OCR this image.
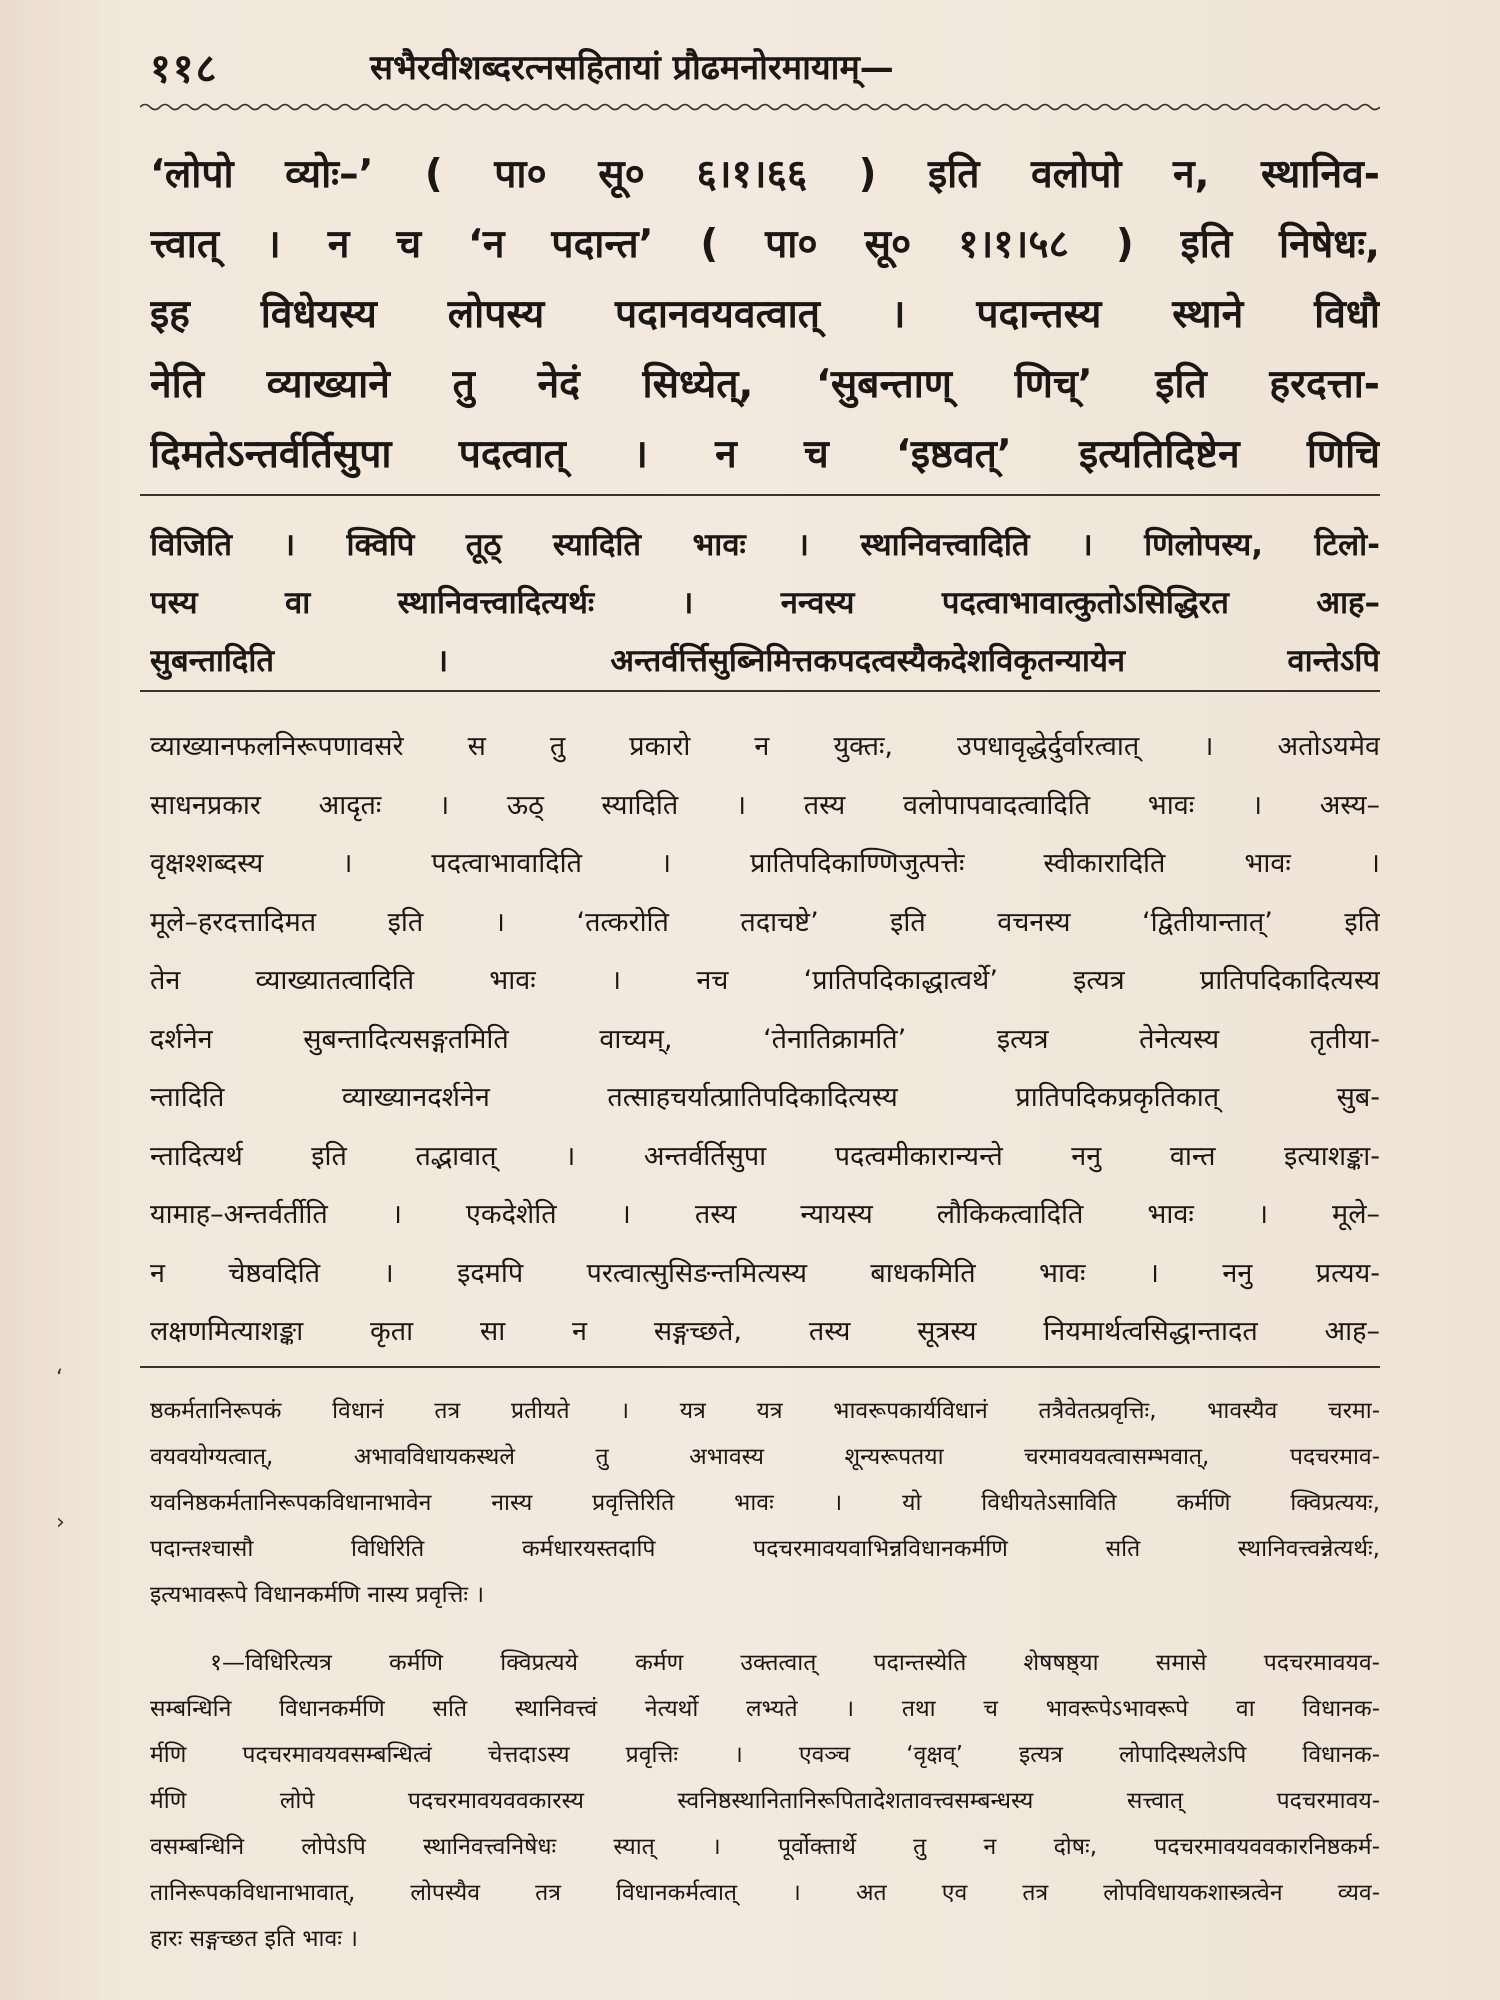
११८	सभैरवीशब्दरत्नसहितायां प्रौढमनोरमायाम्—
‘लोपो व्योः–’ ( पा० सू० ६।१।६६ ) इति वलोपो न, स्थानिव-
त्त्वात् । न च ‘न पदान्त’ ( पा० सू० १।१।५८ ) इति निषेधः,
इह विधेयस्य लोपस्य पदानवयवत्वात् । पदान्तस्य स्थाने विधौ
नेति व्याख्याने तु नेदं सिध्येत्, ‘सुबन्ताण् णिच्’ इति हरदत्ता-
दिमतेऽन्तर्वर्तिसुपा पदत्वात् । न च ‘इष्ठवत्’ इत्यतिदिष्टेन णिचि
विजिति । क्विपि तूठ् स्यादिति भावः । स्थानिवत्त्वादिति । णिलोपस्य, टिलो-
पस्य वा स्थानिवत्त्वादित्यर्थः । नन्वस्य पदत्वाभावात्कुतोऽसिद्धिरत आह–
सुबन्तादिति । अन्तर्वर्त्तिसुब्निमित्तकपदत्वस्यैकदेशविकृतन्यायेन वान्तेऽपि
व्याख्यानफलनिरूपणावसरे स तु प्रकारो न युक्तः, उपधावृद्धेर्दुर्वारत्वात् । अतोऽयमेव
साधनप्रकार आदृतः । ऊठ् स्यादिति । तस्य वलोपापवादत्वादिति भावः । अस्य–
वृक्षश्शब्दस्य । पदत्वाभावादिति । प्रातिपदिकाण्णिजुत्पत्तेः स्वीकारादिति भावः ।
मूले–हरदत्तादिमत इति । ‘तत्करोति तदाचष्टे’ इति वचनस्य ‘द्वितीयान्तात्’ इति
तेन व्याख्यातत्वादिति भावः । नच ‘प्रातिपदिकाद्धात्वर्थे’ इत्यत्र प्रातिपदिकादित्यस्य
दर्शनेन सुबन्तादित्यसङ्गतमिति वाच्यम्, ‘तेनातिक्रामति’ इत्यत्र तेनेत्यस्य तृतीया-
न्तादिति व्याख्यानदर्शनेन तत्साहचर्यात्प्रातिपदिकादित्यस्य प्रातिपदिकप्रकृतिकात् सुब-
न्तादित्यर्थ इति तद्भावात् । अन्तर्वर्तिसुपा पदत्वमीकारान्यन्ते ननु वान्त इत्याशङ्का-
यामाह–अन्तर्वर्तीति । एकदेशेति । तस्य न्यायस्य लौकिकत्वादिति भावः । मूले–
न चेष्ठवदिति । इदमपि परत्वात्सुसिङन्तमित्यस्य बाधकमिति भावः । ननु प्रत्यय-
लक्षणमित्याशङ्का कृता सा न सङ्गच्छते, तस्य सूत्रस्य नियमार्थत्वसिद्धान्तादत आह–
‘
›
ष्ठकर्मतानिरूपकं विधानं तत्र प्रतीयते । यत्र यत्र भावरूपकार्यविधानं तत्रैवेतत्प्रवृत्तिः, भावस्यैव चरमा-
वयवयोग्यत्वात्, अभावविधायकस्थले तु अभावस्य शून्यरूपतया चरमावयवत्वासम्भवात्, पदचरमाव-
यवनिष्ठकर्मतानिरूपकविधानाभावेन नास्य प्रवृत्तिरिति भावः । यो विधीयतेऽसाविति कर्मणि क्विप्रत्ययः,
पदान्तश्चासौ विधिरिति कर्मधारयस्तदापि पदचरमावयवाभिन्नविधानकर्मणि सति स्थानिवत्त्वन्नेत्यर्थः,
इत्यभावरूपे विधानकर्मणि नास्य प्रवृत्तिः ।
१—विधिरित्यत्र कर्मणि क्विप्रत्यये कर्मण उक्तत्वात् पदान्तस्येति शेषषष्ठ्या समासे पदचरमावयव-
सम्बन्धिनि विधानकर्मणि सति स्थानिवत्त्वं नेत्यर्थो लभ्यते । तथा च भावरूपेऽभावरूपे वा विधानक-
र्मणि पदचरमावयवसम्बन्धित्वं चेत्तदाऽस्य प्रवृत्तिः । एवञ्च ‘वृक्षव्’ इत्यत्र लोपादिस्थलेऽपि विधानक-
र्मणि लोपे पदचरमावयववकारस्य स्वनिष्ठस्थानितानिरूपितादेशतावत्त्वसम्बन्धस्य सत्त्वात् पदचरमावय-
वसम्बन्धिनि लोपेऽपि स्थानिवत्त्वनिषेधः स्यात् । पूर्वोक्तार्थे तु न दोषः, पदचरमावयववकारनिष्ठकर्म-
तानिरूपकविधानाभावात्, लोपस्यैव तत्र विधानकर्मत्वात् । अत एव तत्र लोपविधायकशास्त्रत्वेन व्यव-
हारः सङ्गच्छत इति भावः ।
